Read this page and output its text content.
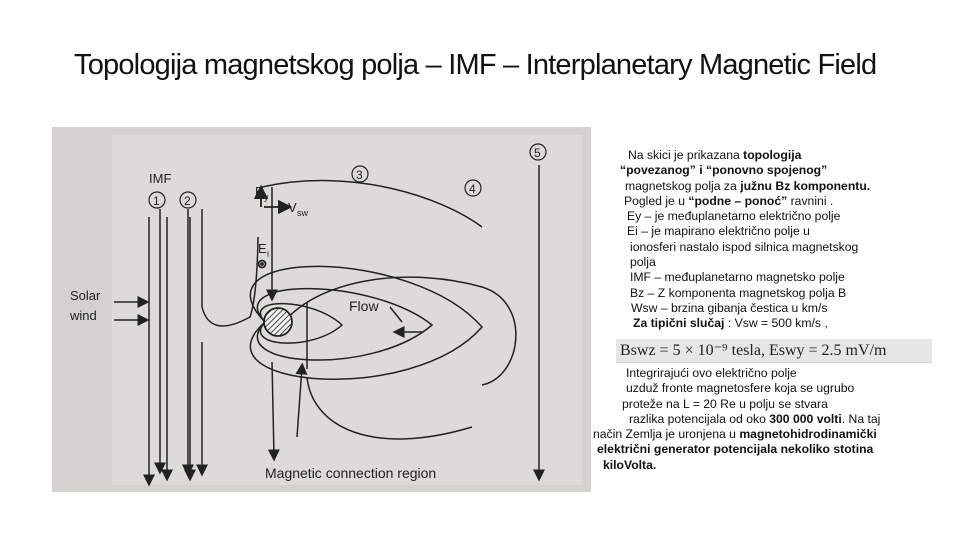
Topologija magnetskog polja – IMF – Interplanetary Magnetic Field
IMF
1 2
3
4
5
Solar
wind
E y
V sw
E i
Flow
Magnetic connection region
Na skici je prikazana topologija
“povezanog” i “ponovno spojenog”
magnetskog polja za južnu Bz komponentu.
Pogled je u “podne – ponoć” ravnini .
Ey – je međuplanetarno električno polje
Ei – je mapirano električno polje u
ionosferi nastalo ispod silnica magnetskog
polja
IMF – međuplanetarno magnetsko polje
Bz – Z komponenta magnetskog polja B
Wsw – brzina gibanja čestica u km/s
Za tipični slučaj : Vsw = 500 km/s ,
Bswz = 5 × 10⁻⁹ tesla, Eswy = 2.5 mV/m
Integrirajući ovo električno polje
uzduž fronte magnetosfere koja se ugrubo
proteže na L = 20 Re u polju se stvara
razlika potencijala od oko 300 000 volti. Na taj
način Zemlja je uronjena u magnetohidrodinamički
električni generator potencijala nekoliko stotina
kiloVolta.
